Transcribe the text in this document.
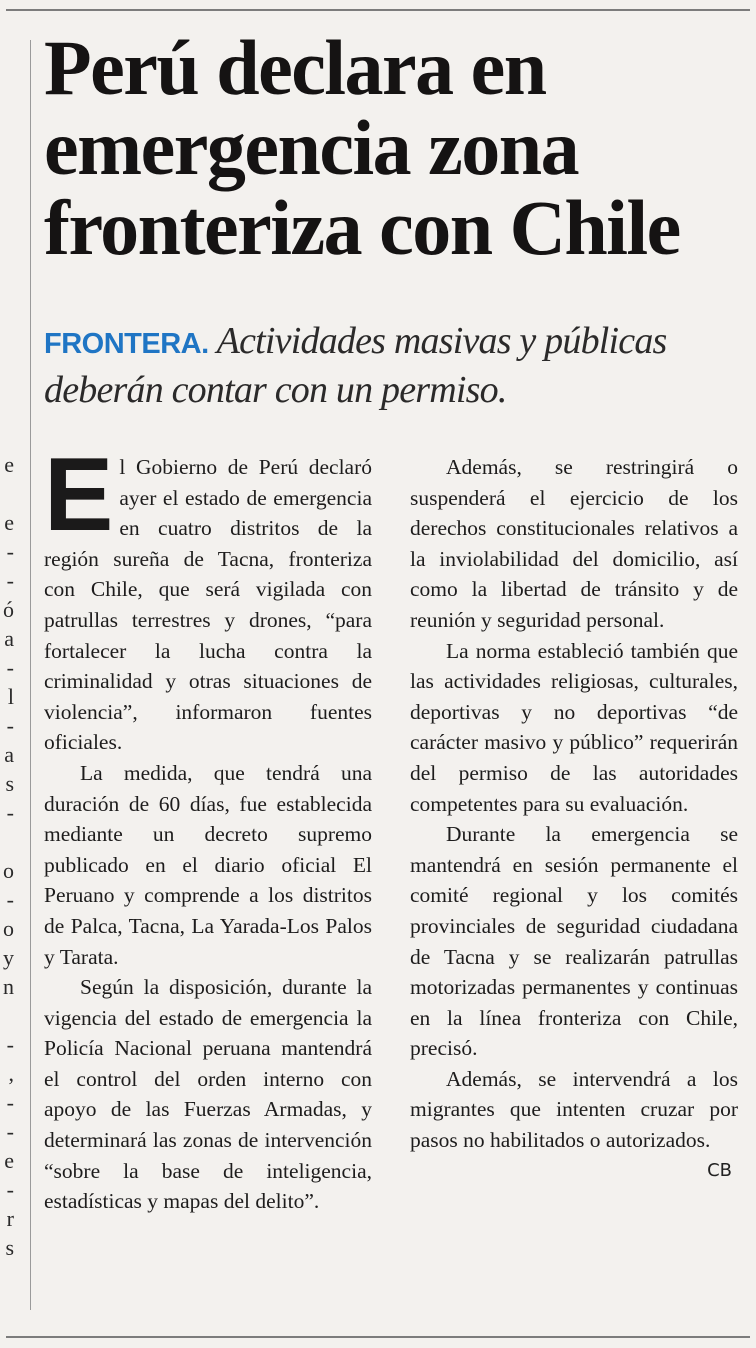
e
e
-
-
ó
a
-
l
-
a
s
-
o
-
o
y
n
-
,
-
-
e
-
r
s
Perú declara en
emergencia zona
fronteriza con Chile
FRONTERA. Actividades masivas y públicas deberán contar con un permiso.

El Gobierno de Perú declaró ayer el estado de emergencia en cuatro distritos de la región sureña de Tacna, fronteriza con Chile, que será vigilada con patrullas terrestres y drones, “para fortalecer la lucha contra la criminalidad y otras situaciones de violencia”, informaron fuentes oficiales.

La medida, que tendrá una duración de 60 días, fue establecida mediante un decreto supremo publicado en el diario oficial El Peruano y comprende a los distritos de Palca, Tacna, La Yarada-Los Palos y Tarata.

Según la disposición, durante la vigencia del estado de emergencia la Policía Nacional peruana mantendrá el control del orden interno con apoyo de las Fuerzas Armadas, y determinará las zonas de intervención “sobre la base de inteligencia, estadísticas y mapas del delito”.

Además, se restringirá o suspenderá el ejercicio de los derechos constitucionales relativos a la inviolabilidad del domicilio, así como la libertad de tránsito y de reunión y seguridad personal.

La norma estableció también que las actividades religiosas, culturales, deportivas y no deportivas “de carácter masivo y público” requerirán del permiso de las autoridades competentes para su evaluación.

Durante la emergencia se mantendrá en sesión permanente el comité regional y los comités provinciales de seguridad ciudadana de Tacna y se realizarán patrullas motorizadas permanentes y continuas en la línea fronteriza con Chile, precisó.

Además, se intervendrá a los migrantes que intenten cruzar por pasos no habilitados o autorizados.
CB
